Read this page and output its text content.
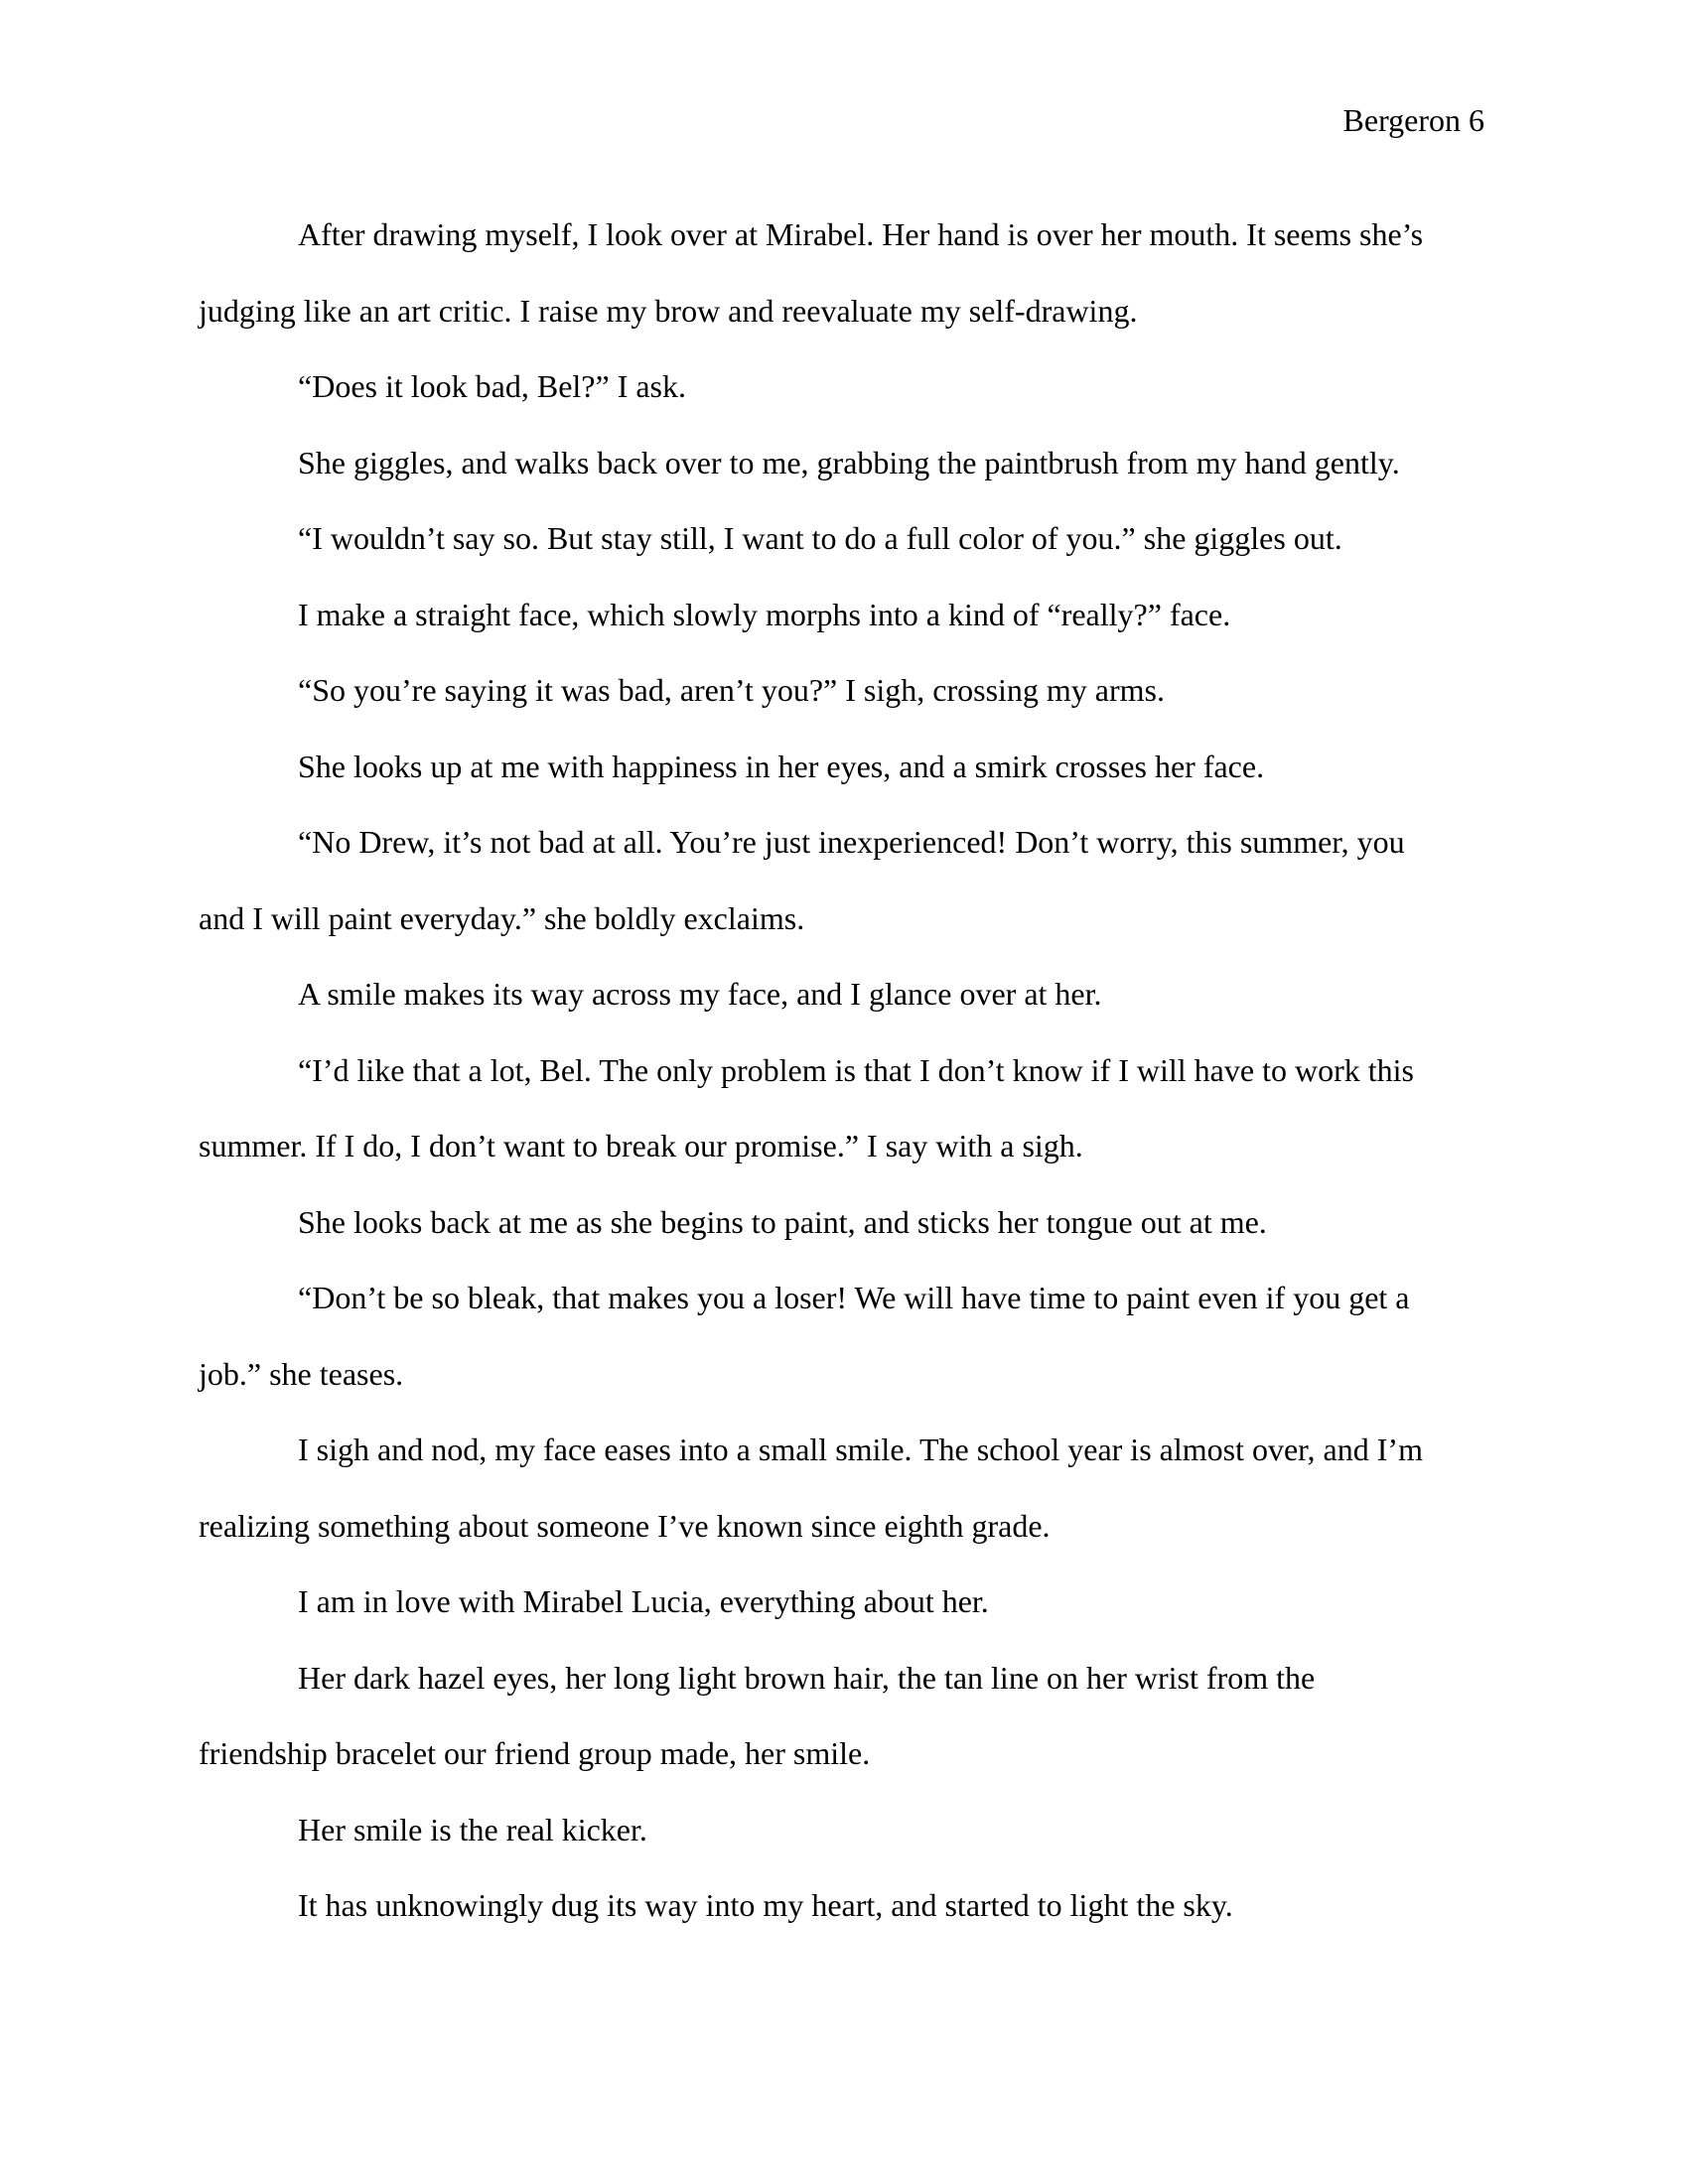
Bergeron 6

After drawing myself, I look over at Mirabel. Her hand is over her mouth. It seems she’s

judging like an art critic. I raise my brow and reevaluate my self-drawing.

“Does it look bad, Bel?” I ask.

She giggles, and walks back over to me, grabbing the paintbrush from my hand gently.

“I wouldn’t say so. But stay still, I want to do a full color of you.” she giggles out.

I make a straight face, which slowly morphs into a kind of “really?” face.

“So you’re saying it was bad, aren’t you?” I sigh, crossing my arms.

She looks up at me with happiness in her eyes, and a smirk crosses her face.

“No Drew, it’s not bad at all. You’re just inexperienced! Don’t worry, this summer, you

and I will paint everyday.” she boldly exclaims.

A smile makes its way across my face, and I glance over at her.

“I’d like that a lot, Bel. The only problem is that I don’t know if I will have to work this

summer. If I do, I don’t want to break our promise.” I say with a sigh.

She looks back at me as she begins to paint, and sticks her tongue out at me.

“Don’t be so bleak, that makes you a loser! We will have time to paint even if you get a

job.” she teases.

I sigh and nod, my face eases into a small smile. The school year is almost over, and I’m

realizing something about someone I’ve known since eighth grade.

I am in love with Mirabel Lucia, everything about her.

Her dark hazel eyes, her long light brown hair, the tan line on her wrist from the

friendship bracelet our friend group made, her smile.

Her smile is the real kicker.

It has unknowingly dug its way into my heart, and started to light the sky.
